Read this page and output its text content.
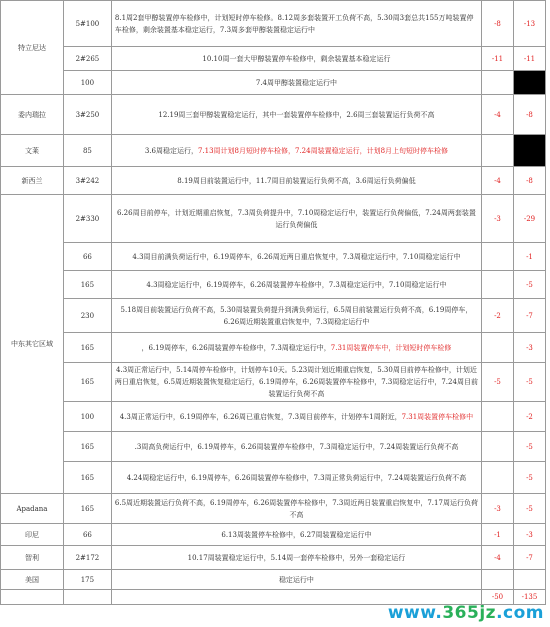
特立尼达	5#100	8.1周2套甲醇装置停车检修中，计划短时停车检修。8.12周多套装置开工负荷不高，5.30周3套总共155万吨装置停车检修，剩余装置基本稳定运行，7.3周多套甲醇装置稳定运行中	-8	-13
	2#265	10.10周一套大甲醇装置停车检修中，剩余装置基本稳定运行	-11	-11
	100	7.4周甲醇装置稳定运行中		
委内瑞拉	3#250	12.19周三套甲醇装置稳定运行，其中一套装置停车检修中，2.6周三套装置运行负荷不高	-4	-8
文莱	85	3.6周稳定运行，7.13周计划8月短时停车检修，7.24周装置稳定运行，计划8月上旬短时停车检修		
新西兰	3#242	8.19周目前装置运行中，11.7周目前装置运行负荷不高，3.6周运行负荷偏低	-4	-8
中东其它区域	2#330	6.26周目前停车，计划近期重启恢复，7.3周负荷提升中，7.10周稳定运行中，装置运行负荷偏低，7.24周两套装置运行负荷偏低	-3	-29
	66	4.3周目前满负荷运行中，6.19周停车，6.26周近两日重启恢复中，7.3周稳定运行中，7.10周稳定运行中		-1
	165	4.3周稳定运行中，6.19周停车，6.26周装置停车检修中，7.3周稳定运行中，7.10周稳定运行中		-5
	230	5.18周目前装置运行负荷不高，5.30周装置负荷提升到满负荷运行，6.5周目前装置运行负荷不高，6.19周停车，6.26周近期装置重启恢复中，7.3周稳定运行中	-2	-7
	165	，6.19周停车，6.26周装置停车检修中，7.3周稳定运行中，7.31周装置停车中，计划短时停车检修		-3
	165	4.3周正常运行中，5.14周停车检修中，计划停车10天。5.23周计划近期重启恢复，5.30周目前停车检修中，计划近两日重启恢复，6.5周近期装置恢复稳定运行，6.19周停车，6.26周装置停车检修中，7.3周稳定运行中，7.24周目前装置运行负荷不高	-5	-5
	100	4.3周正常运行中，6.19周停车，6.26周已重启恢复，7.3周目前停车，计划停车1周附近，7.31周装置停车检修中		-2
	165	.3周高负荷运行中，6.19周停车，6.26周装置停车检修中，7.3周稳定运行中，7.24周装置运行负荷不高		-5
	165	4.24周稳定运行中，6.19周停车，6.26周装置停车检修中，7.3周正常负荷运行中，7.24周装置运行负荷不高		-5
Apadana	165	6.5周近期装置运行负荷不高，6.19周停车，6.26周装置停车检修中，7.3周近两日装置重启恢复中，7.17周运行负荷不高	-3	-5
印尼	66	6.13周装置停车检修中，6.27周装置稳定运行中	-1	-3
智利	2#172	10.17周装置稳定运行中，5.14周一套停车检修中，另外一套稳定运行	-4	-7
美国	175	稳定运行中		
			-50	-135
www.365jz.com
